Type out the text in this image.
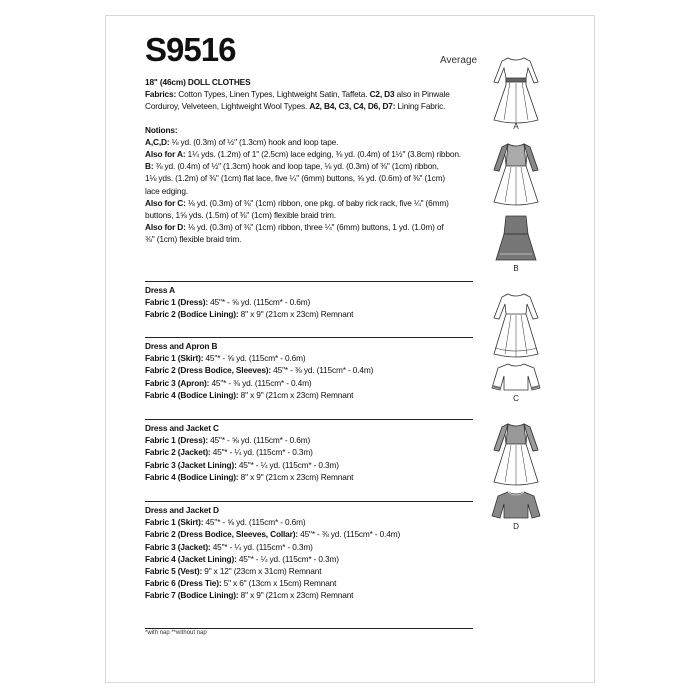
S9516	Average

18" (46cm) DOLL CLOTHES

Fabrics: Cotton Types, Linen Types, Lightweight Satin, Taffeta. C2, D3 also in Pinwale Corduroy, Velveteen, Lightweight Wool Types. A2, B4, C3, C4, D6, D7: Lining Fabric.

Notions:

A,C,D: ⅛ yd. (0.3m) of ½" (1.3cm) hook and loop tape.

Also for A: 1¼ yds. (1.2m) of 1" (2.5cm) lace edging, ⅜ yd. (0.4m) of 1½" (3.8cm) ribbon.

B: ⅜ yd. (0.4m) of ½" (1.3cm) hook and loop tape, ⅛ yd. (0.3m) of ⅜" (1cm) ribbon,

1⅛ yds. (1.2m) of ⅜" (1cm) flat lace, five ¼" (6mm) buttons, ⅝ yd. (0.6m) of ⅜" (1cm)

lace edging.

Also for C: ⅛ yd. (0.3m) of ⅜" (1cm) ribbon, one pkg. of baby rick rack, five ¼" (6mm)

buttons, 1⅝ yds. (1.5m) of ⅜" (1cm) flexible braid trim.

Also for D: ⅛ yd. (0.3m) of ⅜" (1cm) ribbon, three ¼" (6mm) buttons, 1 yd. (1.0m) of

⅜" (1cm) flexible braid trim.

Dress A

Fabric 1 (Dress): 45"* - ⅝ yd. (115cm* - 0.6m)

Fabric 2 (Bodice Lining): 8" x 9" (21cm x 23cm) Remnant

Dress and Apron B

Fabric 1 (Skirt): 45"* - ⅝ yd. (115cm* - 0.6m)

Fabric 2 (Dress Bodice, Sleeves): 45"* - ⅜ yd. (115cm* - 0.4m)

Fabric 3 (Apron): 45"* - ⅜ yd. (115cm* - 0.4m)

Fabric 4 (Bodice Lining): 8" x 9" (21cm x 23cm) Remnant

Dress and Jacket C

Fabric 1 (Dress): 45"* - ⅝ yd. (115cm* - 0.6m)

Fabric 2 (Jacket): 45"* - ¼ yd. (115cm* - 0.3m)

Fabric 3 (Jacket Lining): 45"* - ¼ yd. (115cm* - 0.3m)

Fabric 4 (Bodice Lining): 8" x 9" (21cm x 23cm) Remnant

Dress and Jacket D

Fabric 1 (Skirt): 45"* - ⅝ yd. (115cm* - 0.6m)

Fabric 2 (Dress Bodice, Sleeves, Collar): 45"* - ⅜ yd. (115cm* - 0.4m)

Fabric 3 (Jacket): 45"* - ¼ yd. (115cm* - 0.3m)

Fabric 4 (Jacket Lining): 45"* - ¼ yd. (115cm* - 0.3m)

Fabric 5 (Vest): 9" x 12" (23cm x 31cm) Remnant

Fabric 6 (Dress Tie): 5" x 6" (13cm x 15cm) Remnant

Fabric 7 (Bodice Lining): 8" x 9" (21cm x 23cm) Remnant

*with nap **without nap
A
B
C
D
